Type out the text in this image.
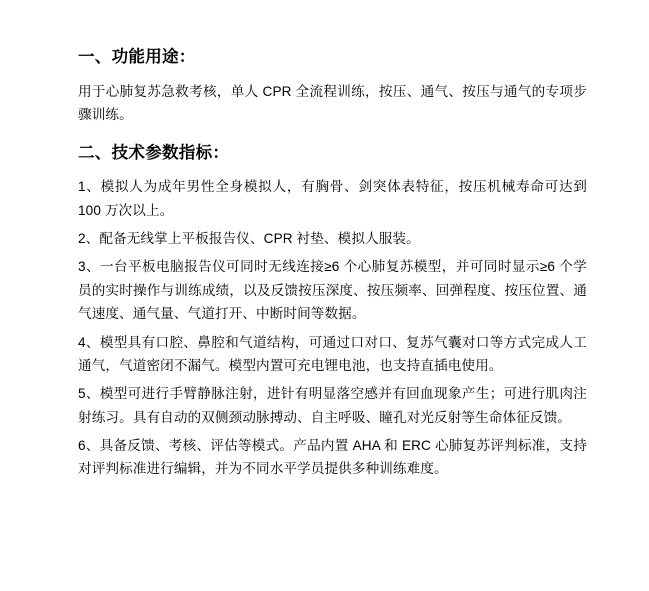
一、功能用途：

用于心肺复苏急救考核，单人 CPR 全流程训练，按压、通气、按压与通气的专项步骤训练。

二、技术参数指标：

1、模拟人为成年男性全身模拟人，有胸骨、剑突体表特征，按压机械寿命可达到 100 万次以上。

2、配备无线掌上平板报告仪、CPR 衬垫、模拟人服装。

3、一台平板电脑报告仪可同时无线连接≥6 个心肺复苏模型，并可同时显示≥6 个学员的实时操作与训练成绩，以及反馈按压深度、按压频率、回弹程度、按压位置、通气速度、通气量、气道打开、中断时间等数据。

4、模型具有口腔、鼻腔和气道结构，可通过口对口、复苏气囊对口等方式完成人工通气，气道密闭不漏气。模型内置可充电锂电池，也支持直插电使用。

5、模型可进行手臂静脉注射，进针有明显落空感并有回血现象产生；可进行肌肉注射练习。具有自动的双侧颈动脉搏动、自主呼吸、瞳孔对光反射等生命体征反馈。

6、具备反馈、考核、评估等模式。产品内置 AHA 和 ERC 心肺复苏评判标准，支持对评判标准进行编辑，并为不同水平学员提供多种训练难度。
